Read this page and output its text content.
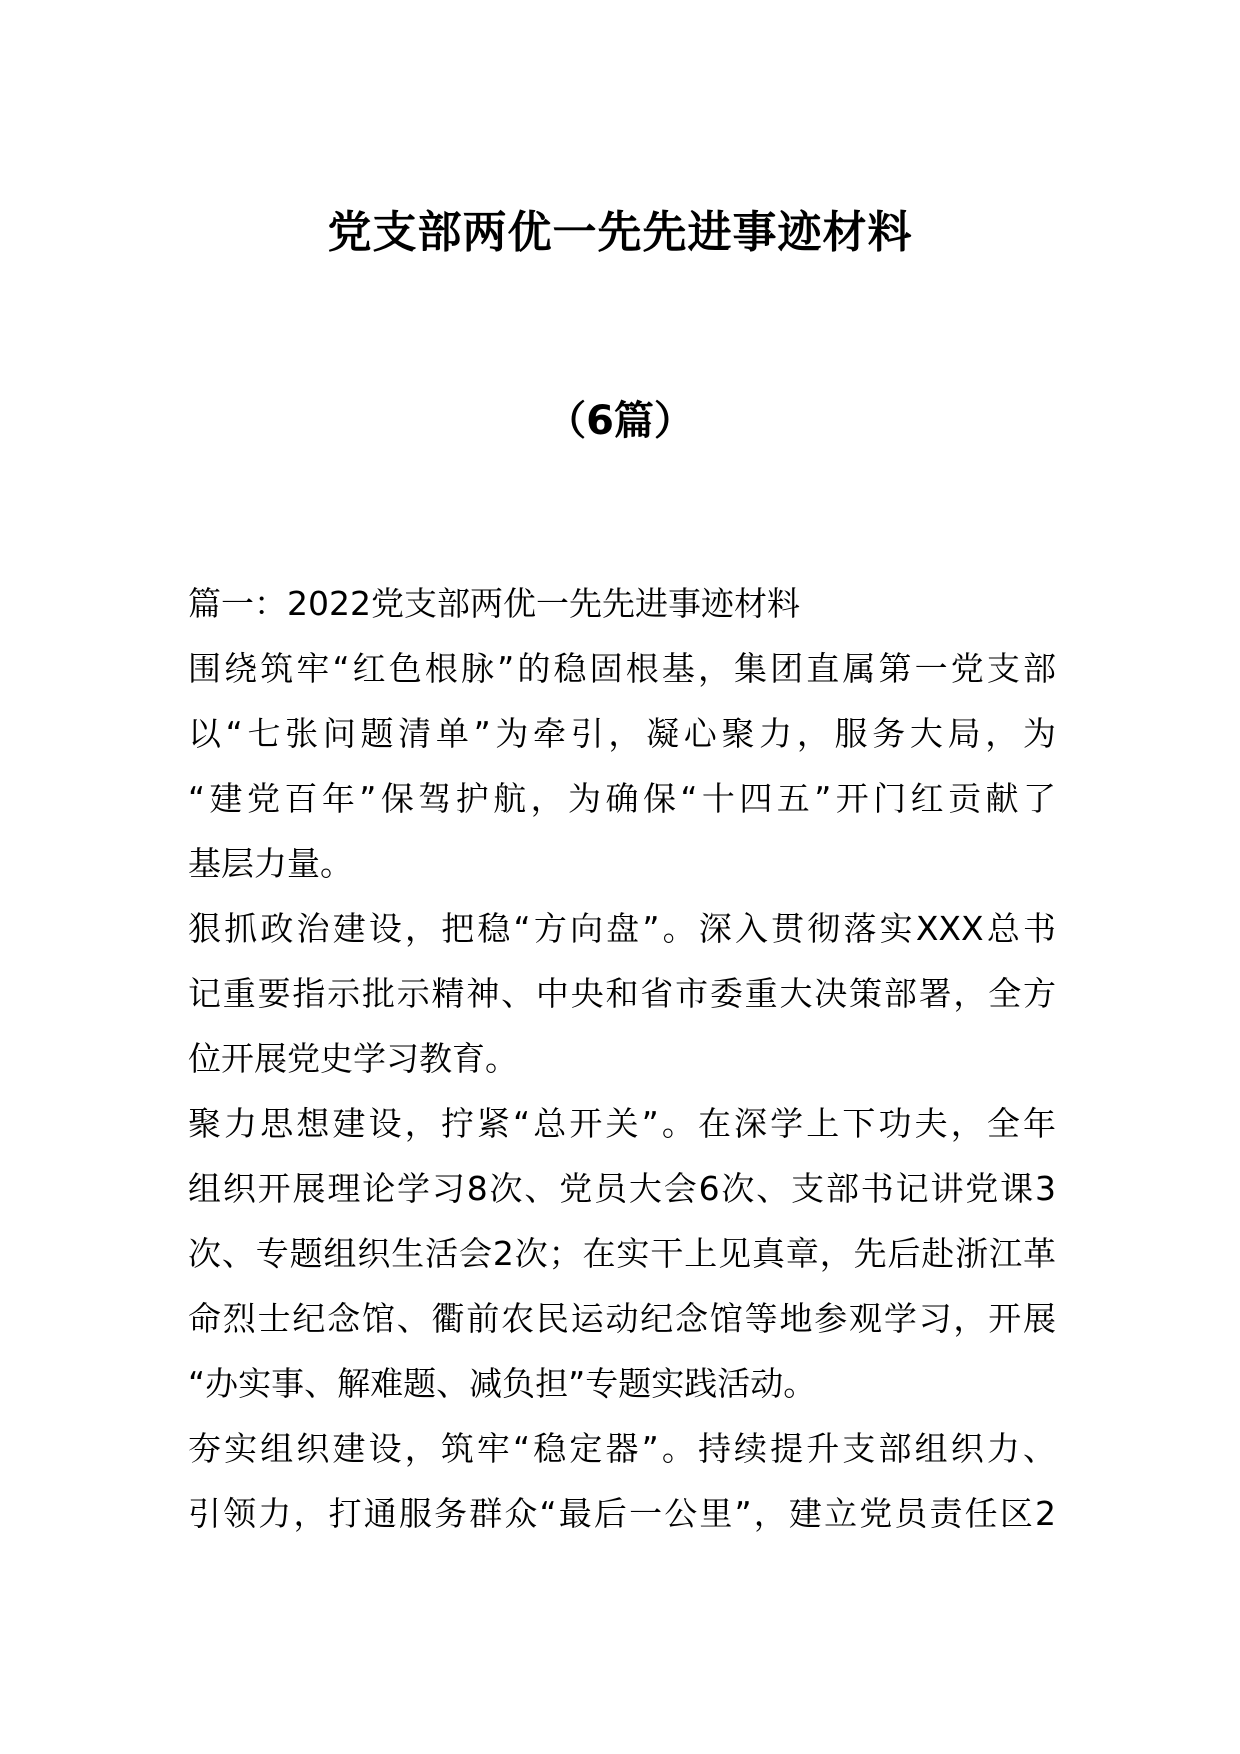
党支部两优一先先进事迹材料
（6篇）
篇一：2022党支部两优一先先进事迹材料
围绕筑牢“红色根脉”的稳固根基，集团直属第一党支部
以“七张问题清单”为牵引，凝心聚力，服务大局，为
“建党百年”保驾护航，为确保“十四五”开门红贡献了
基层力量。
狠抓政治建设，把稳“方向盘”。深入贯彻落实XXX总书
记重要指示批示精神、中央和省市委重大决策部署，全方
位开展党史学习教育。
聚力思想建设，拧紧“总开关”。在深学上下功夫，全年
组织开展理论学习8次、党员大会6次、支部书记讲党课3
次、专题组织生活会2次；在实干上见真章，先后赴浙江革
命烈士纪念馆、衢前农民运动纪念馆等地参观学习，开展
“办实事、解难题、减负担”专题实践活动。
夯实组织建设，筑牢“稳定器”。持续提升支部组织力、
引领力，打通服务群众“最后一公里”，建立党员责任区2
